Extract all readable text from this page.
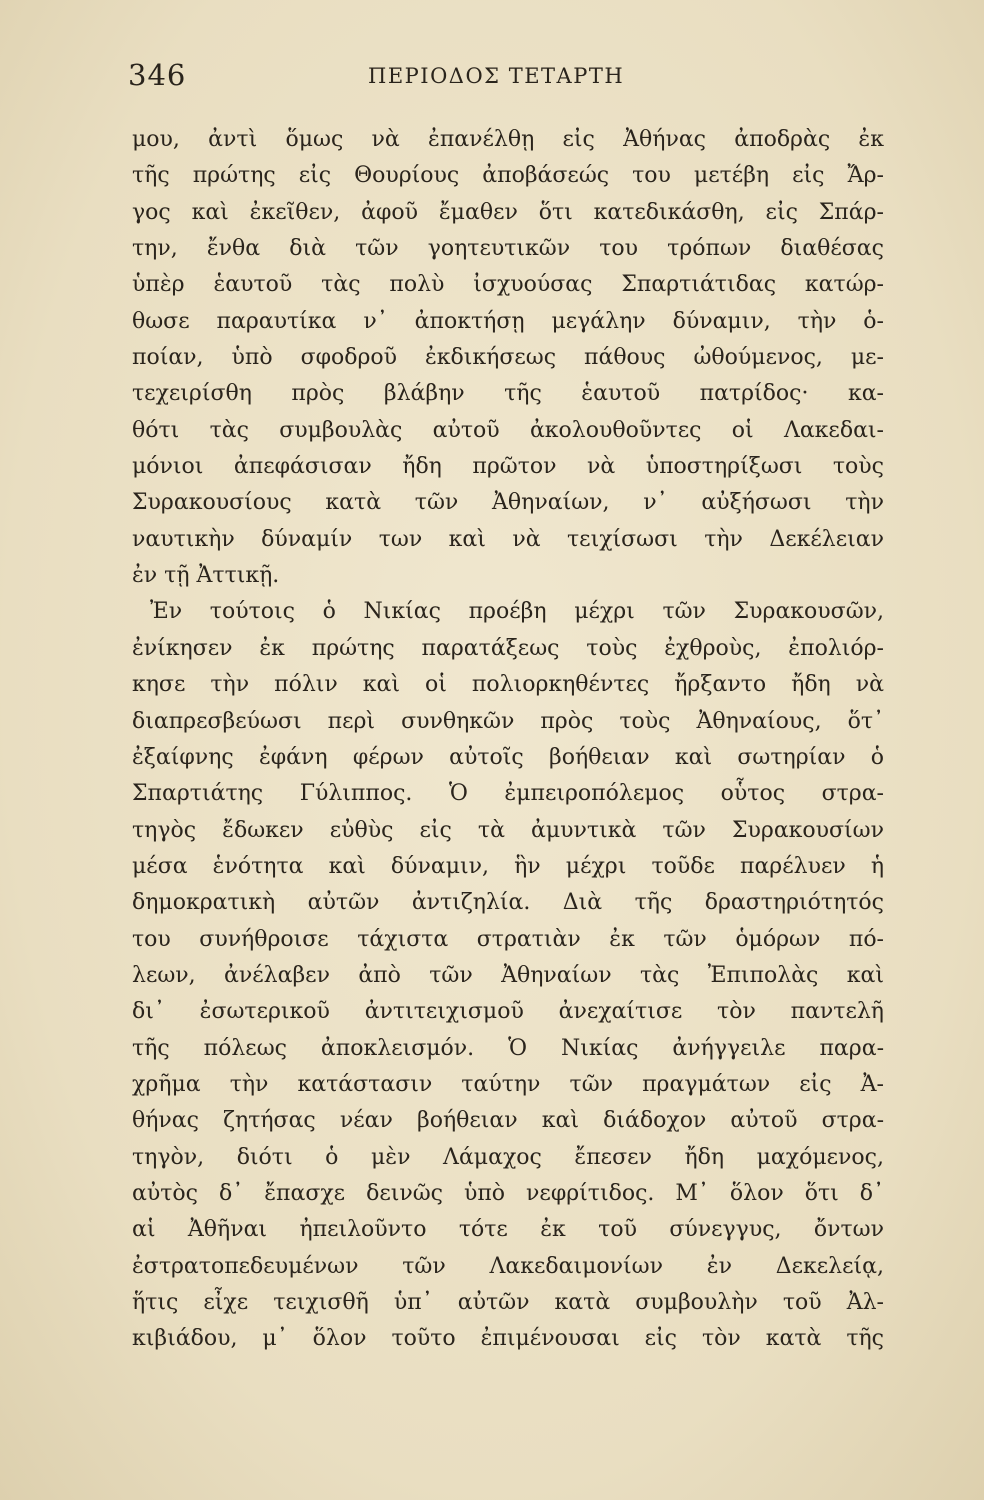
346	ΠΕΡΙΟΔΟΣ ΤΕΤΑΡΤΗ
μου, ἀντὶ ὅμως νὰ ἐπανέλθῃ εἰς Ἀθήνας ἀποδρὰς ἐκ
τῆς πρώτης εἰς Θουρίους ἀποβάσεώς του μετέβη εἰς Ἄρ-
γος καὶ ἐκεῖθεν, ἀφοῦ ἔμαθεν ὅτι κατεδικάσθη, εἰς Σπάρ-
την, ἔνθα διὰ τῶν γοητευτικῶν του τρόπων διαθέσας
ὑπὲρ ἑαυτοῦ τὰς πολὺ ἰσχυούσας Σπαρτιάτιδας κατώρ-
θωσε παραυτίκα ν᾽ ἀποκτήσῃ μεγάλην δύναμιν, τὴν ὁ-
ποίαν, ὑπὸ σφοδροῦ ἐκδικήσεως πάθους ὠθούμενος, με-
τεχειρίσθη πρὸς βλάβην τῆς ἑαυτοῦ πατρίδος· κα-
θότι τὰς συμβουλὰς αὐτοῦ ἀκολουθοῦντες οἱ Λακεδαι-
μόνιοι ἀπεφάσισαν ἤδη πρῶτον νὰ ὑποστηρίξωσι τοὺς
Συρακουσίους κατὰ τῶν Ἀθηναίων, ν᾽ αὐξήσωσι τὴν
ναυτικὴν δύναμίν των καὶ νὰ τειχίσωσι τὴν Δεκέλειαν
ἐν τῇ Ἀττικῇ.
Ἐν τούτοις ὁ Νικίας προέβη μέχρι τῶν Συρακουσῶν,
ἐνίκησεν ἐκ πρώτης παρατάξεως τοὺς ἐχθροὺς, ἐπολιόρ-
κησε τὴν πόλιν καὶ οἱ πολιορκηθέντες ἤρξαντο ἤδη νὰ
διαπρεσβεύωσι περὶ συνθηκῶν πρὸς τοὺς Ἀθηναίους, ὅτ᾽
ἐξαίφνης ἐφάνη φέρων αὐτοῖς βοήθειαν καὶ σωτηρίαν ὁ
Σπαρτιάτης Γύλιππος. Ὁ ἐμπειροπόλεμος οὗτος στρα-
τηγὸς ἔδωκεν εὐθὺς εἰς τὰ ἀμυντικὰ τῶν Συρακουσίων
μέσα ἑνότητα καὶ δύναμιν, ἣν μέχρι τοῦδε παρέλυεν ἡ
δημοκρατικὴ αὐτῶν ἀντιζηλία. Διὰ τῆς δραστηριότητός
του συνήθροισε τάχιστα στρατιὰν ἐκ τῶν ὁμόρων πό-
λεων, ἀνέλαβεν ἀπὸ τῶν Ἀθηναίων τὰς Ἐπιπολὰς καὶ
δι᾽ ἐσωτερικοῦ ἀντιτειχισμοῦ ἀνεχαίτισε τὸν παντελῆ
τῆς πόλεως ἀποκλεισμόν. Ὁ Νικίας ἀνήγγειλε παρα-
χρῆμα τὴν κατάστασιν ταύτην τῶν πραγμάτων εἰς Ἀ-
θήνας ζητήσας νέαν βοήθειαν καὶ διάδοχον αὐτοῦ στρα-
τηγὸν, διότι ὁ μὲν Λάμαχος ἔπεσεν ἤδη μαχόμενος,
αὐτὸς δ᾽ ἔπασχε δεινῶς ὑπὸ νεφρίτιδος. Μ᾽ ὅλον ὅτι δ᾽
αἱ Ἀθῆναι ἠπειλοῦντο τότε ἐκ τοῦ σύνεγγυς, ὄντων
ἐστρατοπεδευμένων τῶν Λακεδαιμονίων ἐν Δεκελείᾳ,
ἥτις εἶχε τειχισθῆ ὑπ᾽ αὐτῶν κατὰ συμβουλὴν τοῦ Ἀλ-
κιβιάδου, μ᾽ ὅλον τοῦτο ἐπιμένουσαι εἰς τὸν κατὰ τῆς
